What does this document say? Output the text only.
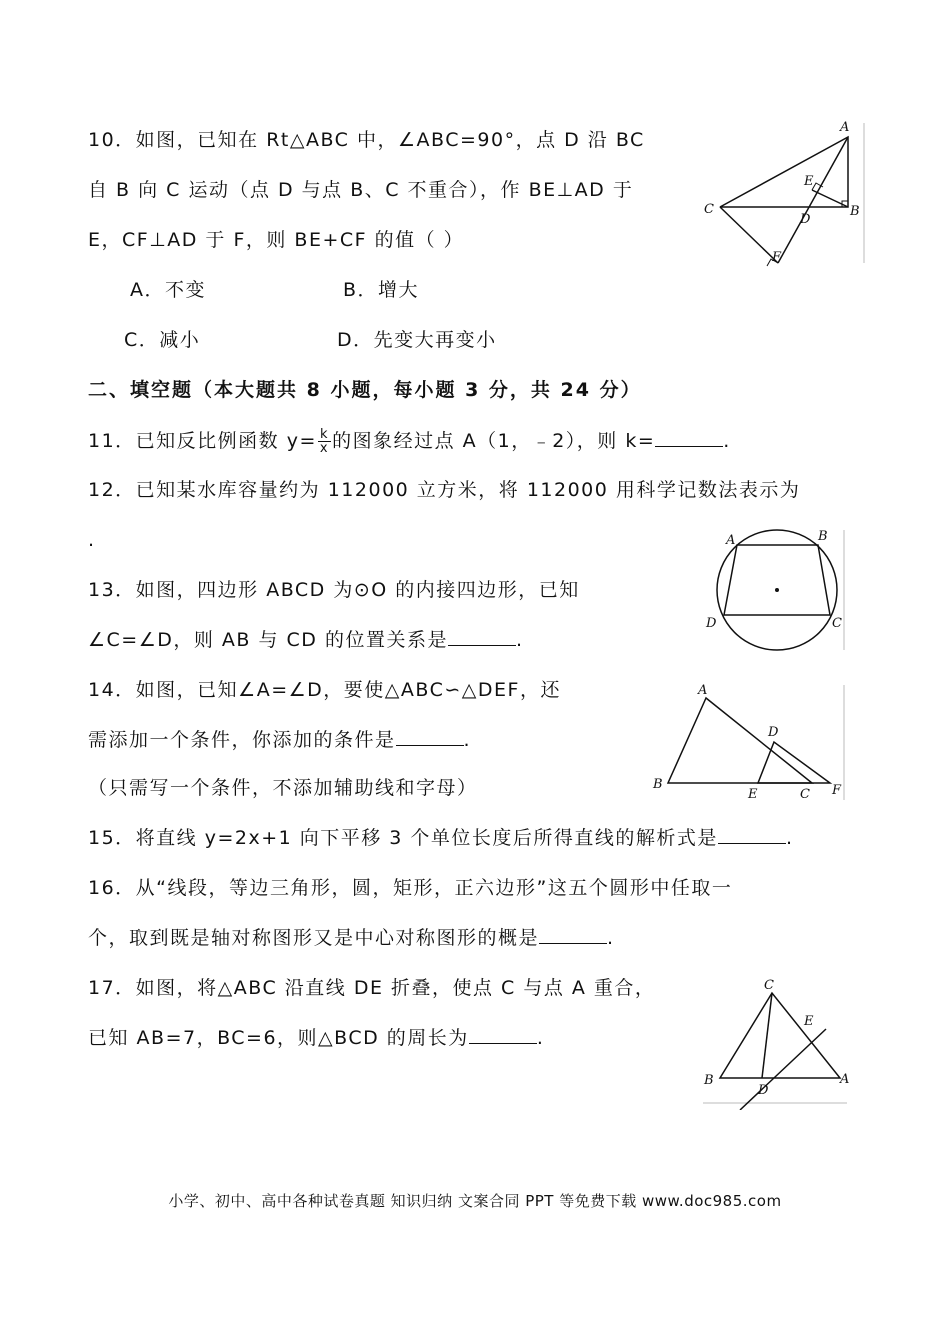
10．如图，已知在 Rt△ABC 中，∠ABC=90°，点 D 沿 BC
自 B 向 C 运动（点 D 与点 B、C 不重合），作 BE⊥AD 于
E，CF⊥AD 于 F，则 BE+CF 的值（ ）
A．不变	B．增大
C．减小	D．先变大再变小
A
B
C
D
E
F
二、填空题（本大题共 8 小题，每小题 3 分，共 24 分）
11．已知反比例函数 $y= \frac{k}{x}$ 的图象经过点 A（1，﹣2），则 k=	.
12．已知某水库容量约为 112000 立方米，将 112000 用科学记数法表示为
.
13．如图，四边形 ABCD 为⊙O 的内接四边形，已知
∠C=∠D，则 AB 与 CD 的位置关系是	.
A	B
C
D
14．如图，已知∠A=∠D，要使△ABC∽△DEF，还
需添加一个条件，你添加的条件是	.
（只需写一个条件，不添加辅助线和字母）
A
B
C
D
E	F
15．将直线 y=2x+1 向下平移 3 个单位长度后所得直线的解析式是	.
16．从“线段，等边三角形，圆，矩形，正六边形”这五个圆形中任取一
个，取到既是轴对称图形又是中心对称图形的概是	.
17．如图，将△ABC 沿直线 DE 折叠，使点 C 与点 A 重合，
已知 AB=7，BC=6，则△BCD 的周长为	.
C
B	A
D
E
小学、初中、高中各种试卷真题 知识归纳 文案合同 PPT 等免费下载 www.doc985.com
